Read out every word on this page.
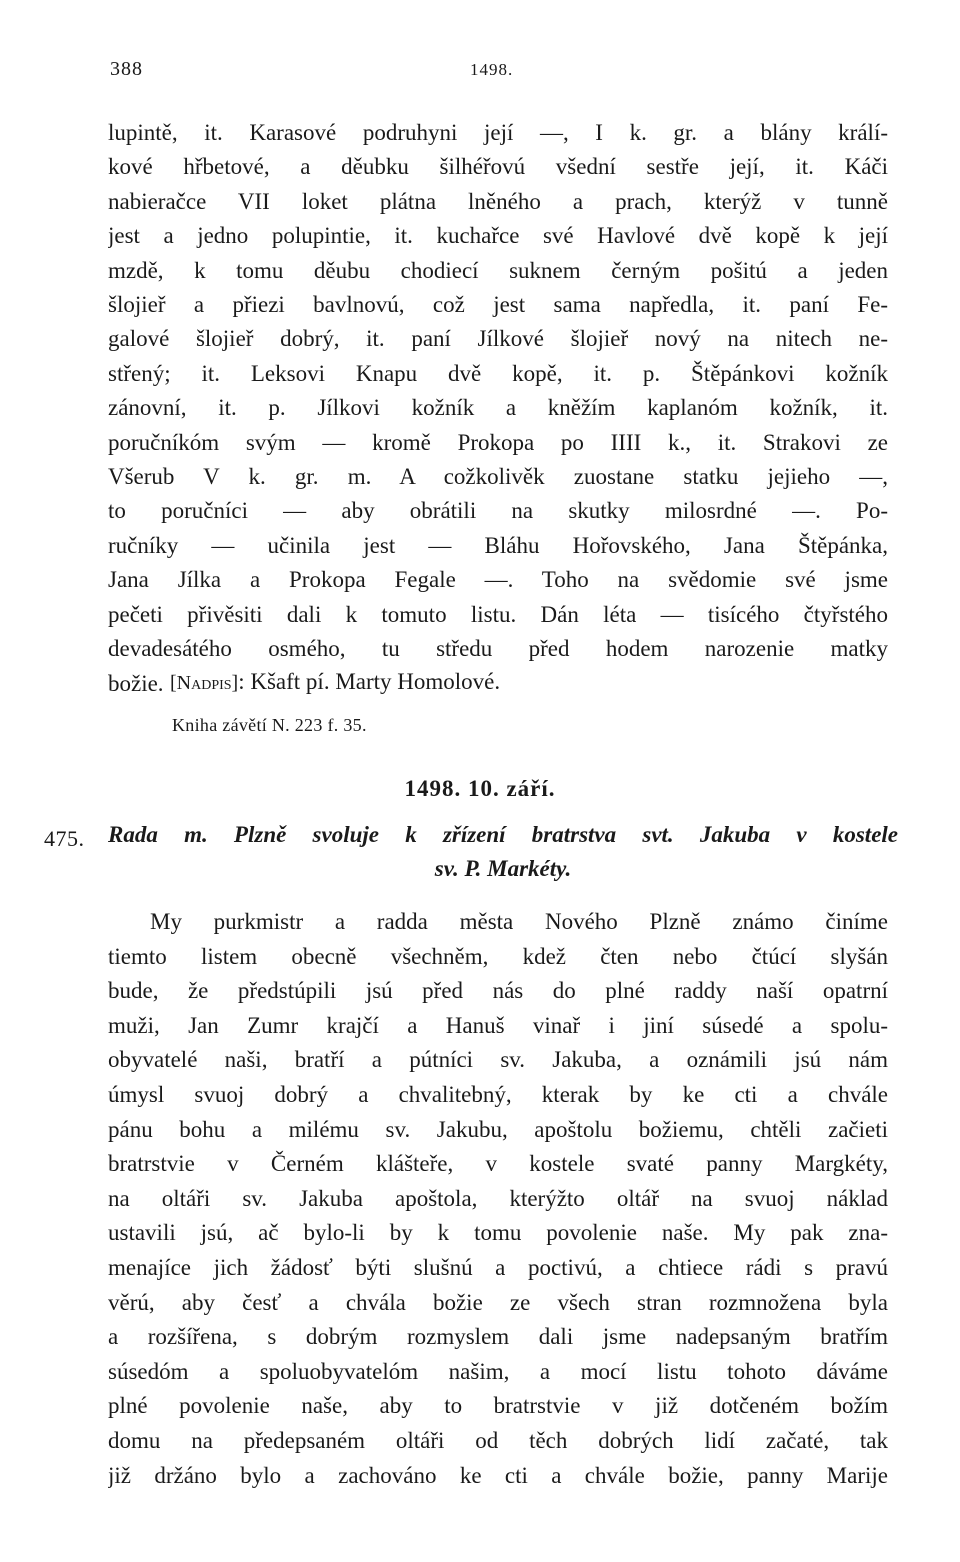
388	1498.
lupintě, it. Karasové podruhyni její —, I k. gr. a blány králí-
kové hřbetové, a děubku šilhéřovú všední sestře její, it. Káči
nabieračce VII loket plátna lněného a prach, kterýž v tunně
jest a jedno polupintie, it. kuchařce své Havlové dvě kopě k její
mzdě, k tomu děubu chodiecí suknem černým pošitú a jeden
šlojieř a přiezi bavlnovú, což jest sama napředla, it. paní Fe-
galové šlojieř dobrý, it. paní Jílkové šlojieř nový na nitech ne-
střený; it. Leksovi Knapu dvě kopě, it. p. Štěpánkovi kožník
zánovní, it. p. Jílkovi kožník a kněžím kaplanóm kožník, it.
poručníkóm svým — kromě Prokopa po IIII k., it. Strakovi ze
Všerub V k. gr. m. A cožkolivěk zuostane statku jejieho —,
to poručníci — aby obrátili na skutky milosrdné —. Po-
ručníky — učinila jest — Bláhu Hořovského, Jana Štěpánka,
Jana Jílka a Prokopa Fegale —. Toho na svědomie své jsme
pečeti přivěsiti dali k tomuto listu. Dán léta — tisícého čtyřstého
devadesátého osmého, tu středu před hodem narozenie matky
božie. [Nadpis]: Kšaft pí. Marty Homolové.
Kniha závětí N. 223 f. 35.
1498. 10. září.
475. Rada m. Plzně svoluje k zřízení bratrstva svt. Jakuba v kostele
sv. P. Markéty.
My purkmistr a radda města Nového Plzně známo činíme
tiemto listem obecně všechněm, kdež čten nebo čtúcí slyšán
bude, že předstúpili jsú před nás do plné raddy naší opatrní
muži, Jan Zumr krajčí a Hanuš vinař i jiní súsedé a spolu-
obyvatelé naši, bratří a pútníci sv. Jakuba, a oznámili jsú nám
úmysl svuoj dobrý a chvalitebný, kterak by ke cti a chvále
pánu bohu a milému sv. Jakubu, apoštolu božiemu, chtěli začieti
bratrstvie v Černém klášteře, v kostele svaté panny Margkéty,
na oltáři sv. Jakuba apoštola, kterýžto oltář na svuoj náklad
ustavili jsú, ač bylo-li by k tomu povolenie naše. My pak zna-
menajíce jich žádosť býti slušnú a poctivú, a chtiece rádi s pravú
věrú, aby česť a chvála božie ze všech stran rozmnožena byla
a rozšířena, s dobrým rozmyslem dali jsme nadepsaným bratřím
súsedóm a spoluobyvatelóm našim, a mocí listu tohoto dáváme
plné povolenie naše, aby to bratrstvie v již dotčeném božím
domu na předepsaném oltáři od těch dobrých lidí začaté, tak
již držáno bylo a zachováno ke cti a chvále božie, panny Marije
